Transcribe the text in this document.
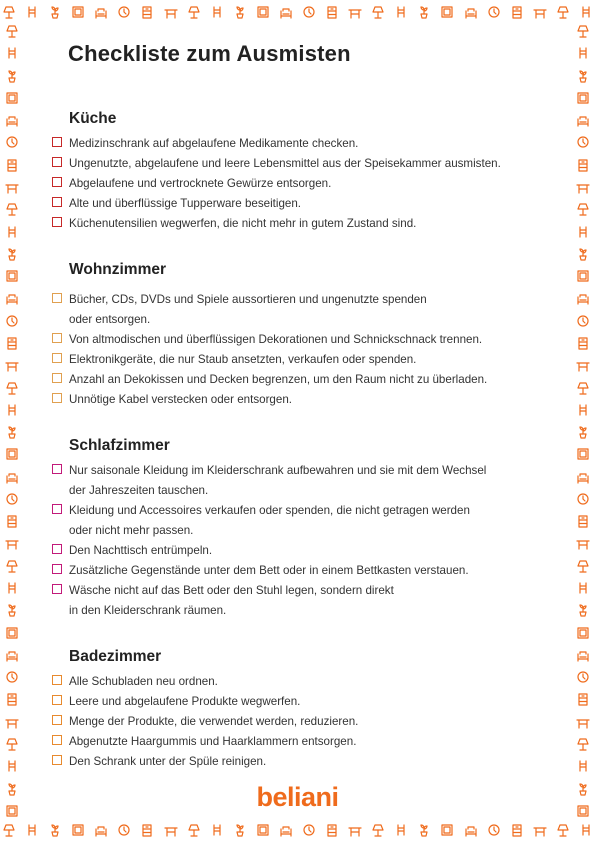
Checkliste zum Ausmisten
Küche
Medizinschrank auf abgelaufene Medikamente checken.
Ungenutzte, abgelaufene und leere Lebensmittel aus der Speisekammer ausmisten.
Abgelaufene und vertrocknete Gewürze entsorgen.
Alte und überflüssige Tupperware beseitigen.
Küchenutensilien wegwerfen, die nicht mehr in gutem Zustand sind.
Wohnzimmer
Bücher, CDs, DVDs und Spiele aussortieren und ungenutzte spenden
oder entsorgen.
Von altmodischen und überflüssigen Dekorationen und Schnickschnack trennen.
Elektronikgeräte, die nur Staub ansetzten, verkaufen oder spenden.
Anzahl an Dekokissen und Decken begrenzen, um den Raum nicht zu überladen.
Unnötige Kabel verstecken oder entsorgen.
Schlafzimmer
Nur saisonale Kleidung im Kleiderschrank aufbewahren und sie mit dem Wechsel
der Jahreszeiten tauschen.
Kleidung und Accessoires verkaufen oder spenden, die nicht getragen werden
oder nicht mehr passen.
Den Nachttisch entrümpeln.
Zusätzliche Gegenstände unter dem Bett oder in einem Bettkasten verstauen.
Wäsche nicht auf das Bett oder den Stuhl legen, sondern direkt
in den Kleiderschrank räumen.
Badezimmer
Alle Schubladen neu ordnen.
Leere und abgelaufene Produkte wegwerfen.
Menge der Produkte, die verwendet werden, reduzieren.
Abgenutzte Haargummis und Haarklammern entsorgen.
Den Schrank unter der Spüle reinigen.
beliani
